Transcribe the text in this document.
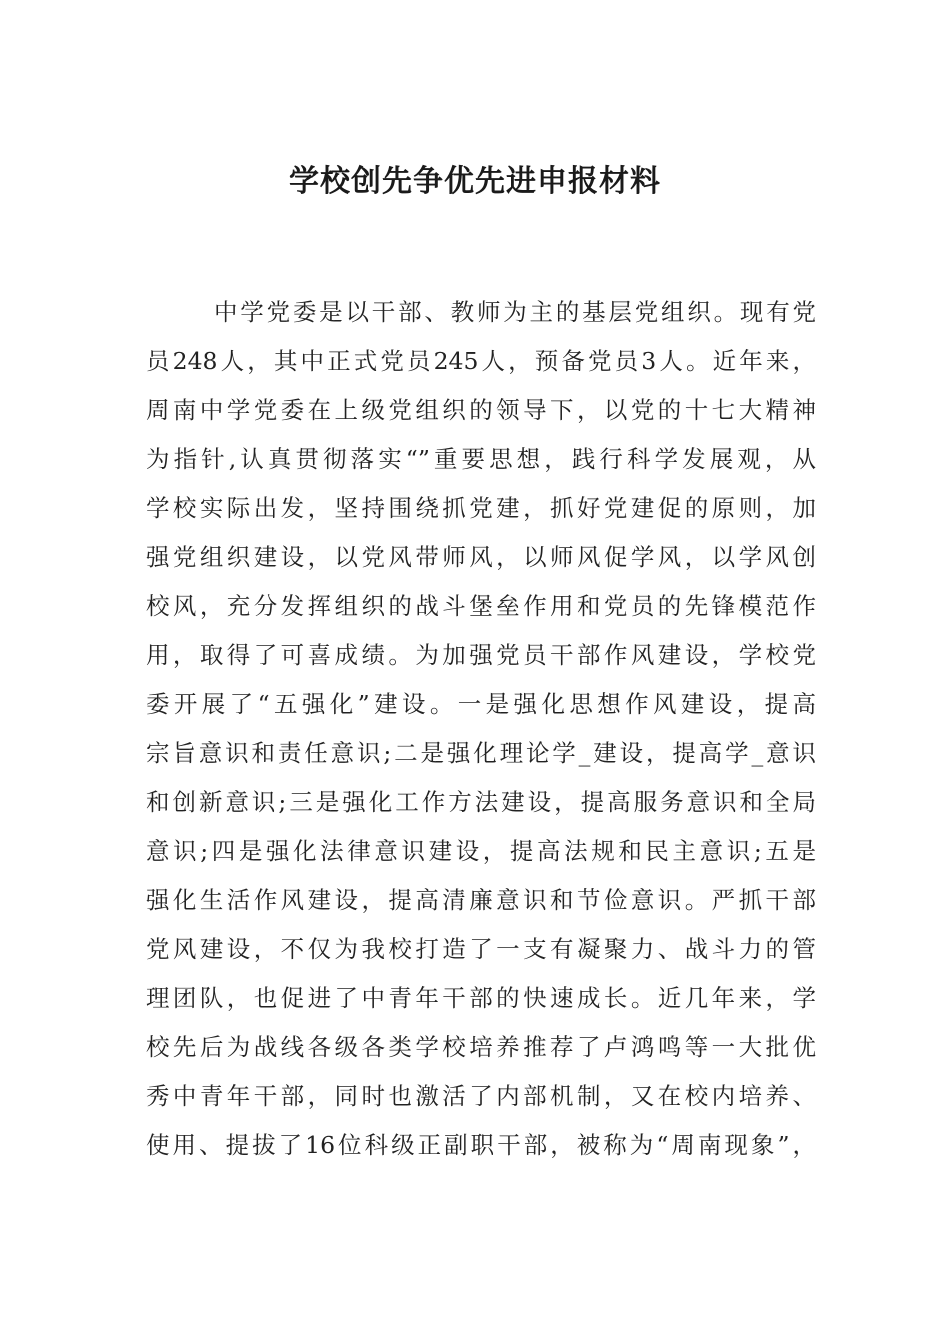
学校创先争优先进申报材料
中学党委是以干部、教师为主的基层党组织。现有党
员248人，其中正式党员245人，预备党员3人。近年来，
周南中学党委在上级党组织的领导下，以党的十七大精神
为指针,认真贯彻落实“”重要思想，践行科学发展观，从
学校实际出发，坚持围绕抓党建，抓好党建促的原则，加
强党组织建设，以党风带师风，以师风促学风，以学风创
校风，充分发挥组织的战斗堡垒作用和党员的先锋模范作
用，取得了可喜成绩。为加强党员干部作风建设，学校党
委开展了“五强化”建设。一是强化思想作风建设，提高
宗旨意识和责任意识;二是强化理论学_建设，提高学_意识
和创新意识;三是强化工作方法建设，提高服务意识和全局
意识;四是强化法律意识建设，提高法规和民主意识;五是
强化生活作风建设，提高清廉意识和节俭意识。严抓干部
党风建设，不仅为我校打造了一支有凝聚力、战斗力的管
理团队，也促进了中青年干部的快速成长。近几年来，学
校先后为战线各级各类学校培养推荐了卢鸿鸣等一大批优
秀中青年干部，同时也激活了内部机制，又在校内培养、
使用、提拔了16位科级正副职干部，被称为“周南现象”，
